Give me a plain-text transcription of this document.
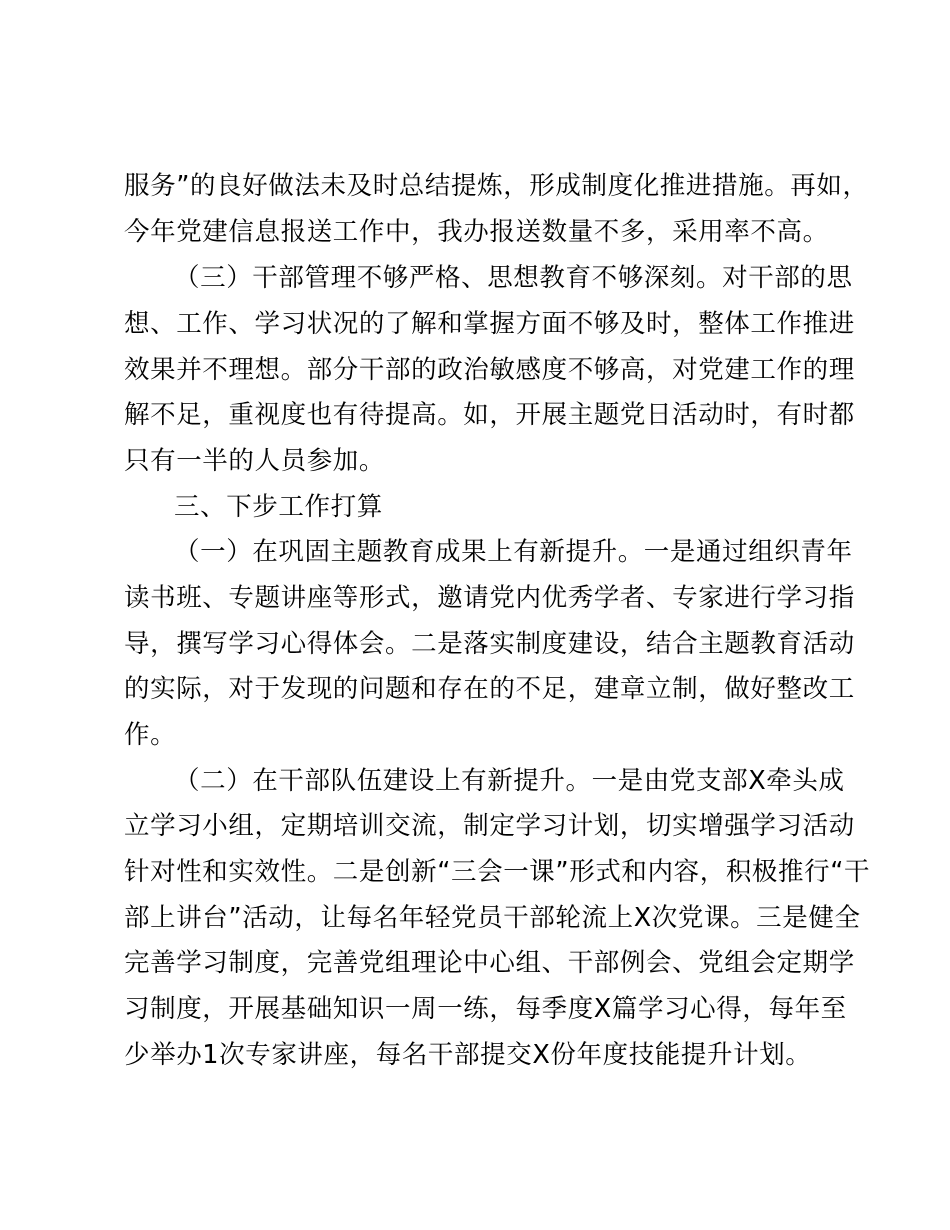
服务”的良好做法未及时总结提炼，形成制度化推进措施。再如，
今年党建信息报送工作中，我办报送数量不多，采用率不高。
（三）干部管理不够严格、思想教育不够深刻。对干部的思
想、工作、学习状况的了解和掌握方面不够及时，整体工作推进
效果并不理想。部分干部的政治敏感度不够高，对党建工作的理
解不足，重视度也有待提高。如，开展主题党日活动时，有时都
只有一半的人员参加。
三、下步工作打算
（一）在巩固主题教育成果上有新提升。一是通过组织青年
读书班、专题讲座等形式，邀请党内优秀学者、专家进行学习指
导，撰写学习心得体会。二是落实制度建设，结合主题教育活动
的实际，对于发现的问题和存在的不足，建章立制，做好整改工
作。
（二）在干部队伍建设上有新提升。一是由党支部X牵头成
立学习小组，定期培训交流，制定学习计划，切实增强学习活动
针对性和实效性。二是创新“三会一课”形式和内容，积极推行“干
部上讲台”活动，让每名年轻党员干部轮流上X次党课。三是健全
完善学习制度，完善党组理论中心组、干部例会、党组会定期学
习制度，开展基础知识一周一练，每季度X篇学习心得，每年至
少举办1次专家讲座，每名干部提交X份年度技能提升计划。
